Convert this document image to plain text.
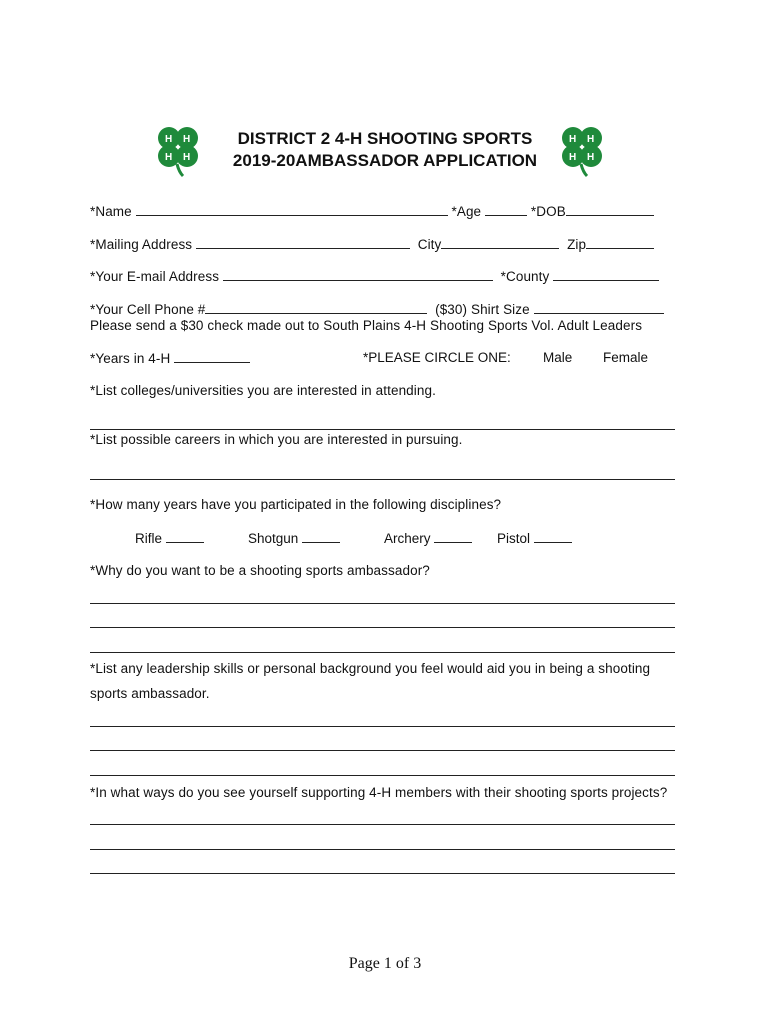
H H
H H
H H
H H
DISTRICT 2 4-H SHOOTING SPORTS
2019-20AMBASSADOR APPLICATION
*Name	*Age	*DOB
*Mailing Address	City	Zip
*Your E-mail Address	*County
*Your Cell Phone #	($30) Shirt Size
Please send a $30 check made out to South Plains 4-H Shooting Sports Vol. Adult Leaders
*Years in 4-H	*PLEASE CIRCLE ONE: Male Female
*List colleges/universities you are interested in attending.
*List possible careers in which you are interested in pursuing.
*How many years have you participated in the following disciplines?
Rifle	Shotgun	Archery	Pistol
*Why do you want to be a shooting sports ambassador?
*List any leadership skills or personal background you feel would aid you in being a shooting
sports ambassador.
*In what ways do you see yourself supporting 4-H members with their shooting sports projects?
Page 1 of 3
